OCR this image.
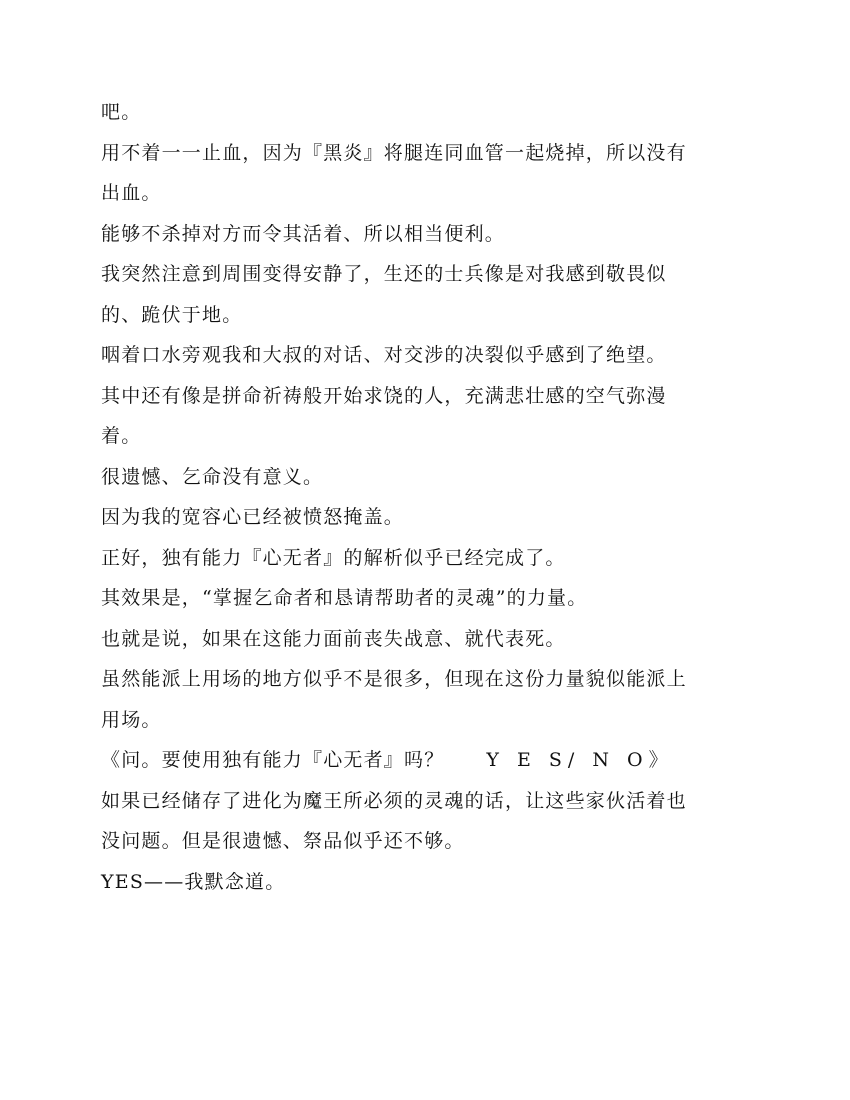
吧。
用不着一一止血，因为『黑炎』将腿连同血管一起烧掉，所以没有
出血。
能够不杀掉对方而令其活着、所以相当便利。
我突然注意到周围变得安静了，生还的士兵像是对我感到敬畏似
的、跪伏于地。
咽着口水旁观我和大叔的对话、对交涉的决裂似乎感到了绝望。
其中还有像是拼命祈祷般开始求饶的人，充满悲壮感的空气弥漫
着。
很遗憾、乞命没有意义。
因为我的宽容心已经被愤怒掩盖。
正好，独有能力『心无者』的解析似乎已经完成了。
其效果是，“掌握乞命者和恳请帮助者的灵魂”的力量。
也就是说，如果在这能力面前丧失战意、就代表死。
虽然能派上用场的地方似乎不是很多，但现在这份力量貌似能派上
用场。
《问。要使用独有能力『心无者』吗？ Y E S/ N O》
如果已经储存了进化为魔王所必须的灵魂的话，让这些家伙活着也
没问题。但是很遗憾、祭品似乎还不够。
YES——我默念道。
